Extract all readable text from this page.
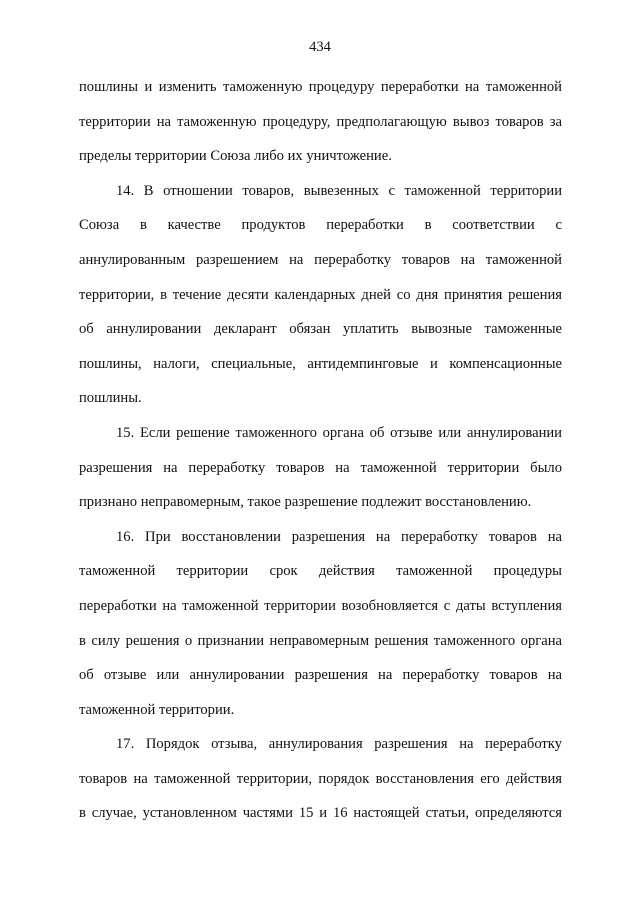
434

пошлины и изменить таможенную процедуру переработки на таможенной
территории на таможенную процедуру, предполагающую вывоз товаров за
пределы территории Союза либо их уничтожение.

14. В отношении товаров, вывезенных с таможенной территории
Союза в качестве продуктов переработки в соответствии с
аннулированным разрешением на переработку товаров на таможенной
территории, в течение десяти календарных дней со дня принятия решения
об аннулировании декларант обязан уплатить вывозные таможенные
пошлины, налоги, специальные, антидемпинговые и компенсационные
пошлины.

15. Если решение таможенного органа об отзыве или аннулировании
разрешения на переработку товаров на таможенной территории было
признано неправомерным, такое разрешение подлежит восстановлению.

16. При восстановлении разрешения на переработку товаров на
таможенной территории срок действия таможенной процедуры
переработки на таможенной территории возобновляется с даты вступления
в силу решения о признании неправомерным решения таможенного органа
об отзыве или аннулировании разрешения на переработку товаров на
таможенной территории.

17. Порядок отзыва, аннулирования разрешения на переработку
товаров на таможенной территории, порядок восстановления его действия
в случае, установленном частями 15 и 16 настоящей статьи, определяются
